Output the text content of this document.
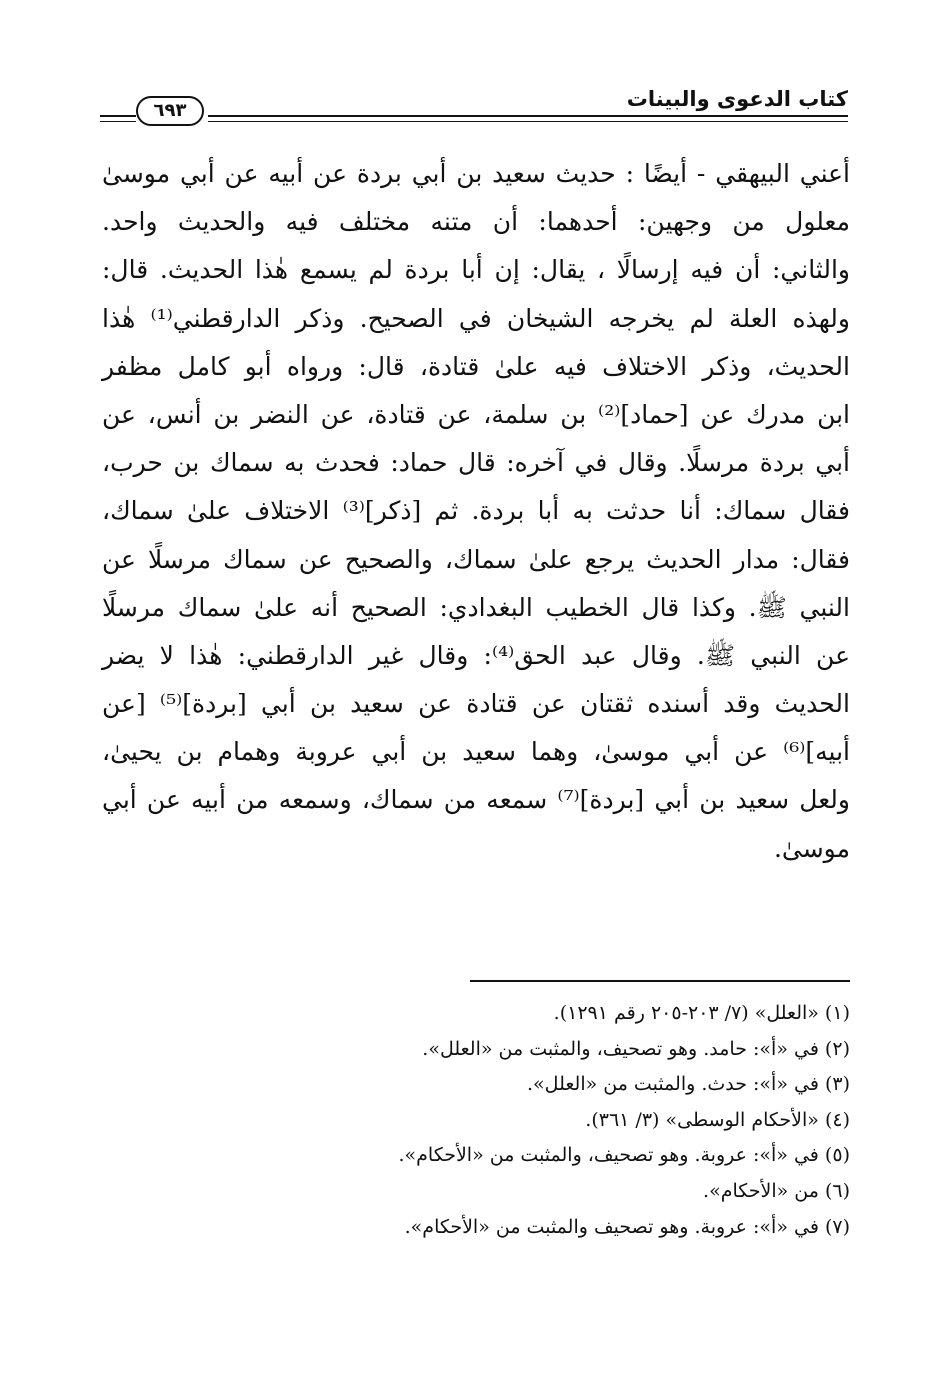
كتاب الدعوى والبينات
٦٩٣
أعني البيهقي - أيضًا : حديث سعيد بن أبي بردة عن أبيه عن أبي موسىٰ
معلول من وجهين: أحدهما: أن متنه مختلف فيه والحديث واحد.
والثاني: أن فيه إرسالًا ، يقال: إن أبا بردة لم يسمع هٰذا الحديث. قال:
ولهذه العلة لم يخرجه الشيخان في الصحيح. وذكر الدارقطني⁽¹⁾ هٰذا
الحديث، وذكر الاختلاف فيه علىٰ قتادة، قال: ورواه أبو كامل مظفر
ابن مدرك عن [حماد]⁽²⁾ بن سلمة، عن قتادة، عن النضر بن أنس، عن
أبي بردة مرسلًا. وقال في آخره: قال حماد: فحدث به سماك بن حرب،
فقال سماك: أنا حدثت به أبا بردة. ثم [ذكر]⁽³⁾ الاختلاف علىٰ سماك،
فقال: مدار الحديث يرجع علىٰ سماك، والصحيح عن سماك مرسلًا عن
النبي ﷺ. وكذا قال الخطيب البغدادي: الصحيح أنه علىٰ سماك مرسلًا
عن النبي ﷺ. وقال عبد الحق⁽⁴⁾: وقال غير الدارقطني: هٰذا لا يضر
الحديث وقد أسنده ثقتان عن قتادة عن سعيد بن أبي [بردة]⁽⁵⁾ [عن
أبيه]⁽⁶⁾ عن أبي موسىٰ، وهما سعيد بن أبي عروبة وهمام بن يحيىٰ،
ولعل سعيد بن أبي [بردة]⁽⁷⁾ سمعه من سماك، وسمعه من أبيه عن أبي
موسىٰ.
(١) «العلل» (٧/ ٢٠٣-٢٠٥ رقم ١٢٩١).
(٢) في «أ»: حامد. وهو تصحيف، والمثبت من «العلل».
(٣) في «أ»: حدث. والمثبت من «العلل».
(٤) «الأحكام الوسطى» (٣/ ٣٦١).
(٥) في «أ»: عروبة. وهو تصحيف، والمثبت من «الأحكام».
(٦) من «الأحكام».
(٧) في «أ»: عروبة. وهو تصحيف والمثبت من «الأحكام».
